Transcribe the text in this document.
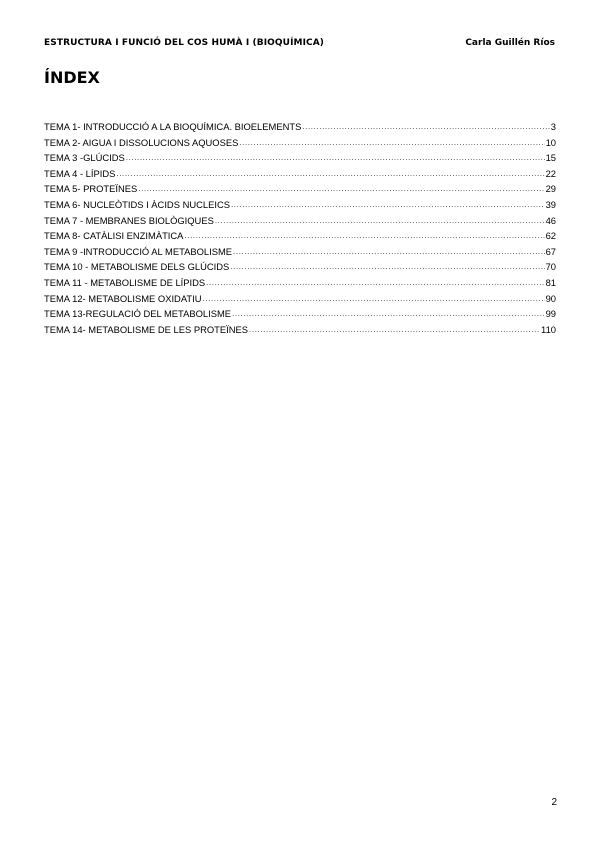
ESTRUCTURA I FUNCIÓ DEL COS HUMÀ I (BIOQUÍMICA)	Carla Guillén Ríos
ÍNDEX
TEMA 1- INTRODUCCIÓ A LA BIOQUÍMICA. BIOELEMENTS .....	3
TEMA 2- AIGUA I DISSOLUCIONS AQUOSES .....	10
TEMA 3 -GLÚCIDS .....	15
TEMA 4 - LÍPIDS .....	22
TEMA 5- PROTEÏNES .....	29
TEMA 6- NUCLEÒTIDS I ÀCIDS NUCLEICS .....	39
TEMA 7 - MEMBRANES BIOLÒGIQUES .....	46
TEMA 8- CATÀLISI ENZIMÀTICA .....	62
TEMA 9 -INTRODUCCIÓ AL METABOLISME .....	67
TEMA 10 - METABOLISME DELS GLÚCIDS .....	70
TEMA 11 - METABOLISME DE LÍPIDS .....	81
TEMA 12- METABOLISME OXIDATIU .....	90
TEMA 13-REGULACIÓ DEL METABOLISME .....	99
TEMA 14- METABOLISME DE LES PROTEÏNES .....	110
2
